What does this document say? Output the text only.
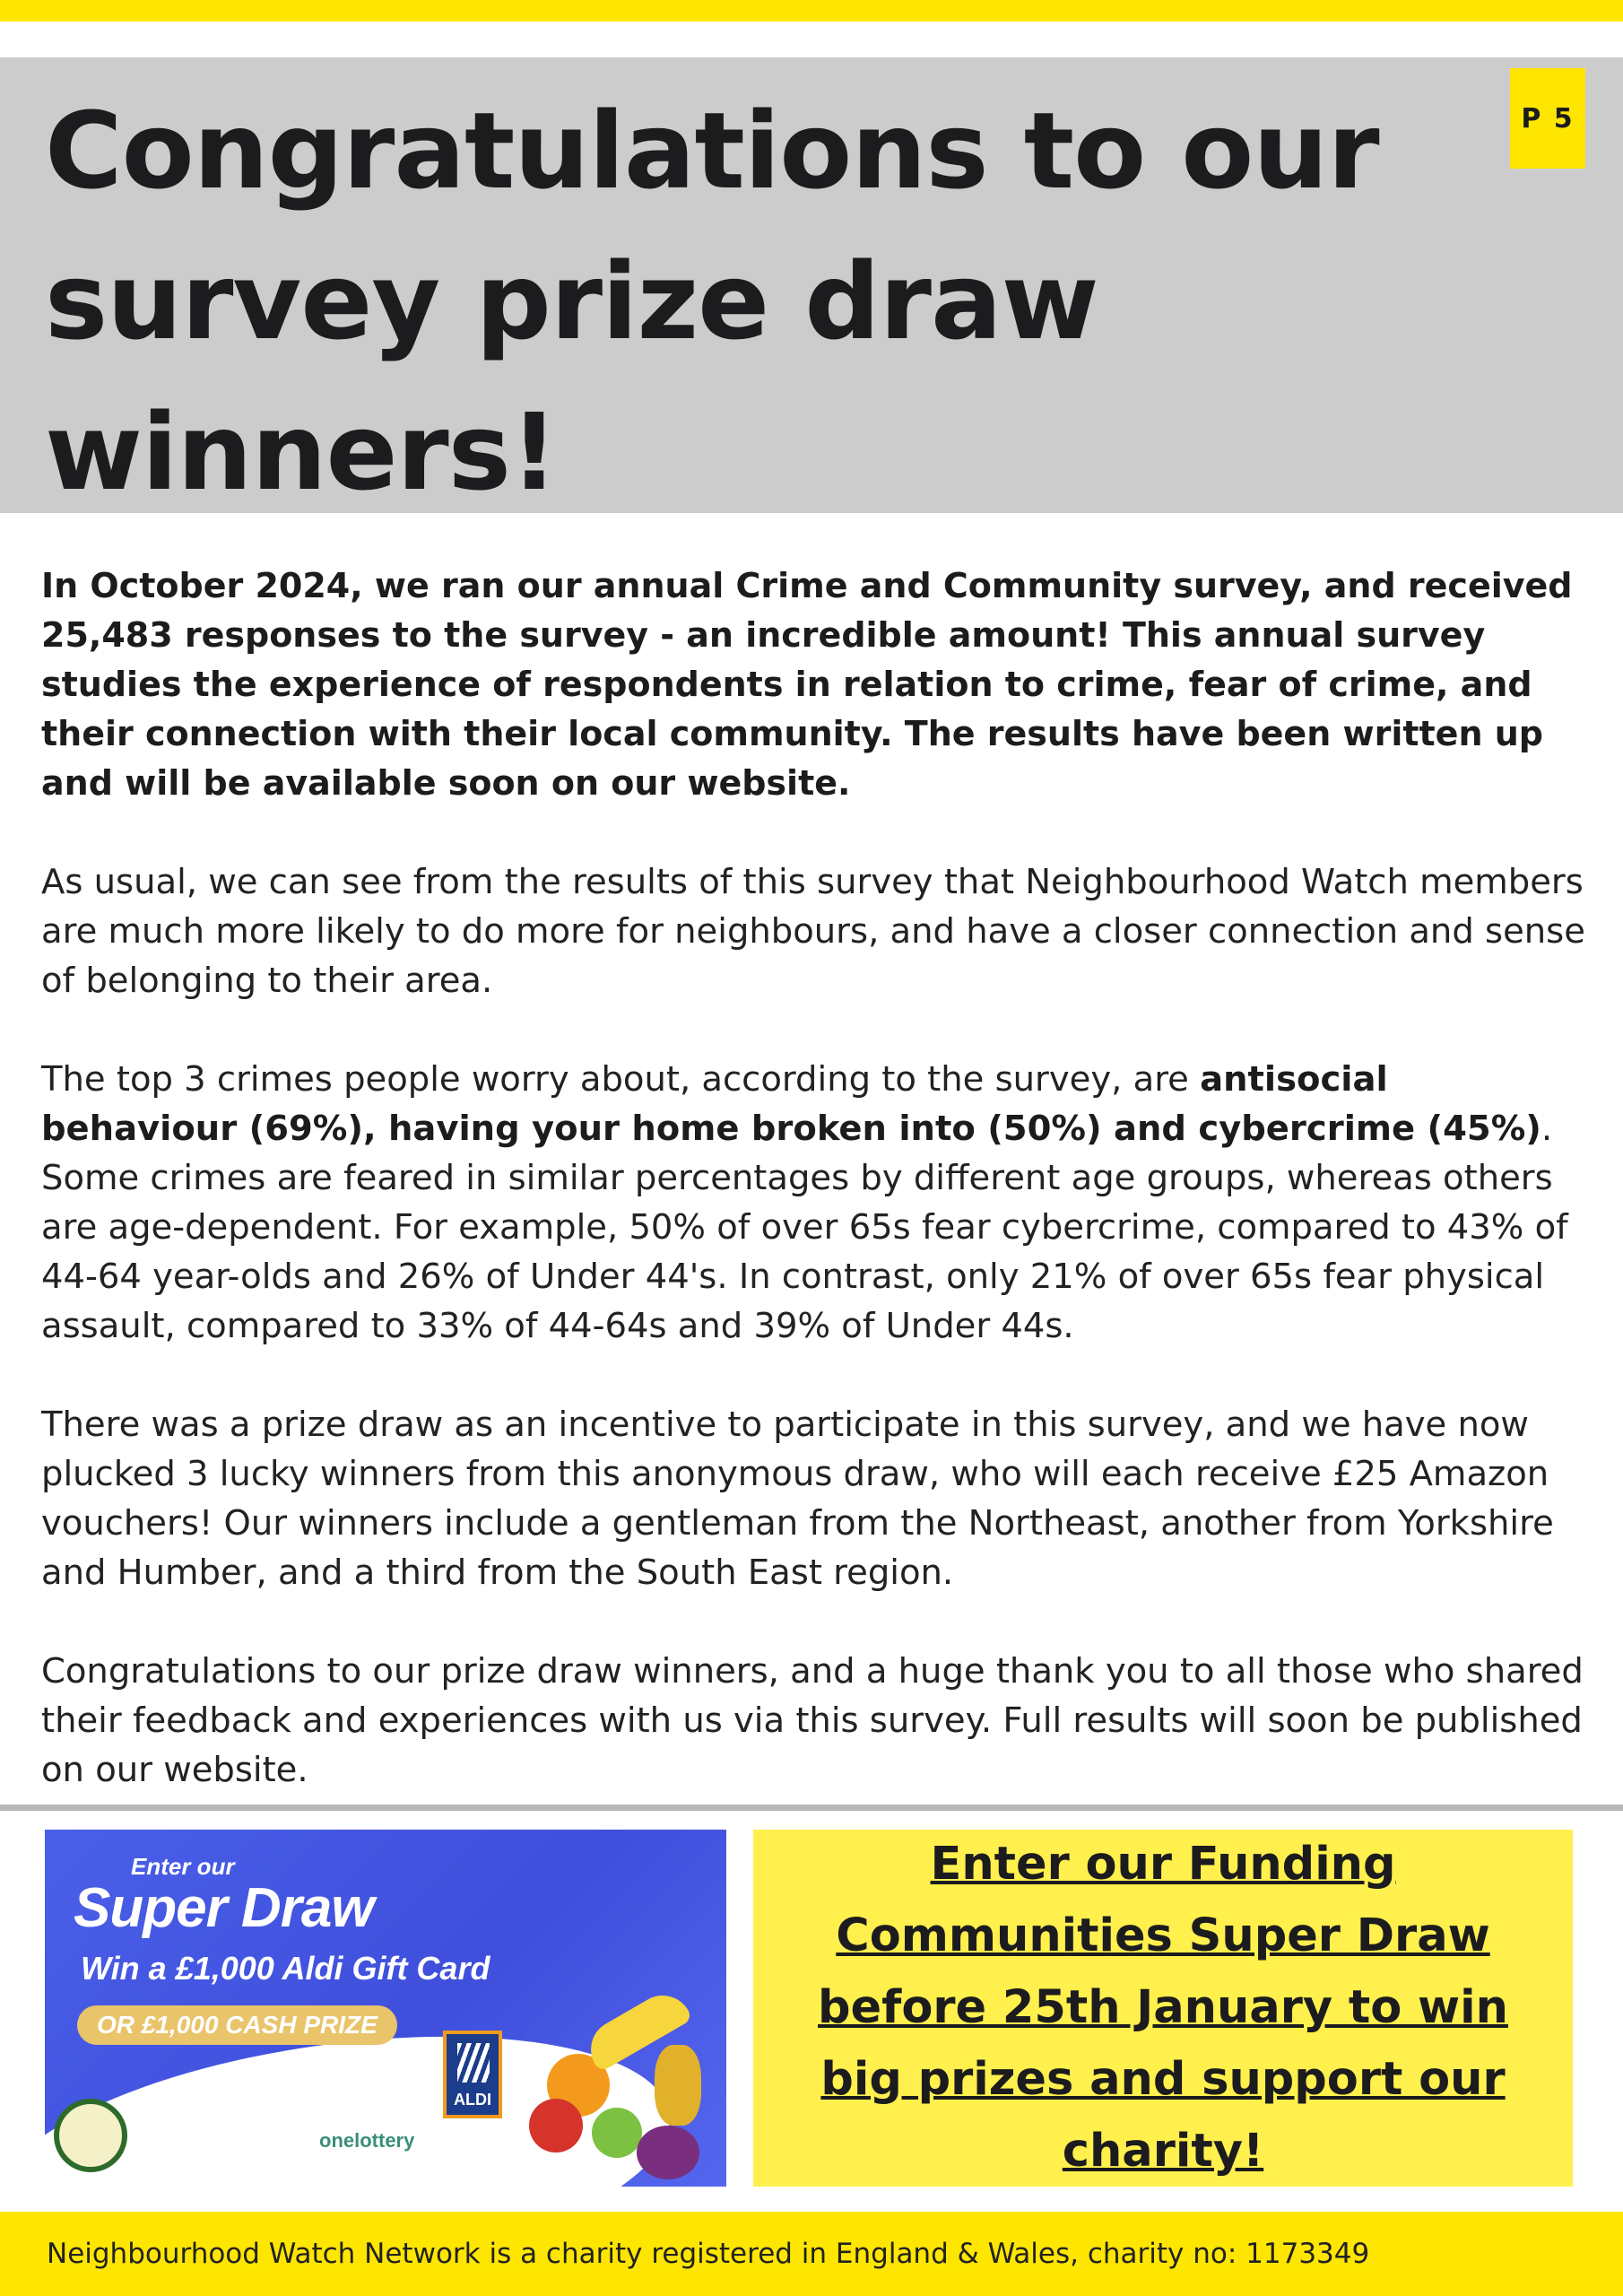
Congratulations to our survey prize draw winners!
P 5

In October 2024, we ran our annual Crime and Community survey, and received 25,483 responses to the survey - an incredible amount! This annual survey studies the experience of respondents in relation to crime, fear of crime, and their connection with their local community. The results have been written up and will be available soon on our website.

As usual, we can see from the results of this survey that Neighbourhood Watch members are much more likely to do more for neighbours, and have a closer connection and sense of belonging to their area.

The top 3 crimes people worry about, according to the survey, are antisocial behaviour (69%), having your home broken into (50%) and cybercrime (45%). Some crimes are feared in similar percentages by different age groups, whereas others are age-dependent. For example, 50% of over 65s fear cybercrime, compared to 43% of 44-64 year-olds and 26% of Under 44's. In contrast, only 21% of over 65s fear physical assault, compared to 33% of 44-64s and 39% of Under 44s.

There was a prize draw as an incentive to participate in this survey, and we have now plucked 3 lucky winners from this anonymous draw, who will each receive £25 Amazon vouchers! Our winners include a gentleman from the Northeast, another from Yorkshire and Humber, and a third from the South East region.

Congratulations to our prize draw winners, and a huge thank you to all those who shared their feedback and experiences with us via this survey. Full results will soon be published on our website.

Enter our
Super Draw
Win a £1,000 Aldi Gift Card
OR £1,000 CASH PRIZE
ALDI
onelottery

Enter our Funding Communities Super Draw before 25th January to win big prizes and support our charity!

Neighbourhood Watch Network is a charity registered in England & Wales, charity no: 1173349
